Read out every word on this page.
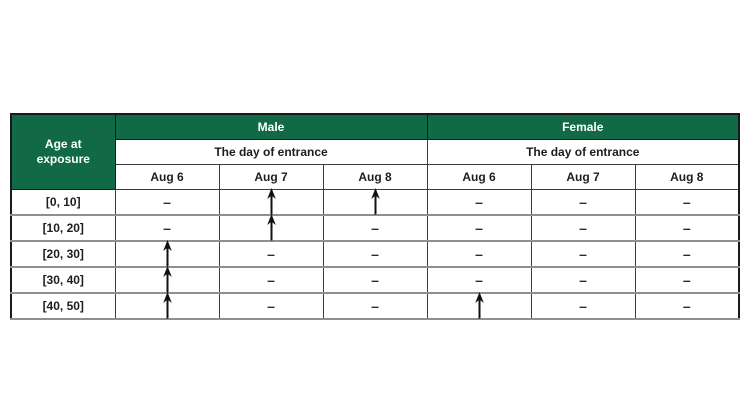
Age at exposure	Male			Female		
	The day of entrance			The day of entrance		
	Aug 6	Aug 7	Aug 8	Aug 6	Aug 7	Aug 8
[0, 10]	–			–	–	–
[10, 20]	–		–	–	–	–
[20, 30]		–	–	–	–	–
[30, 40]		–	–	–	–	–
[40, 50]		–	–		–	–
